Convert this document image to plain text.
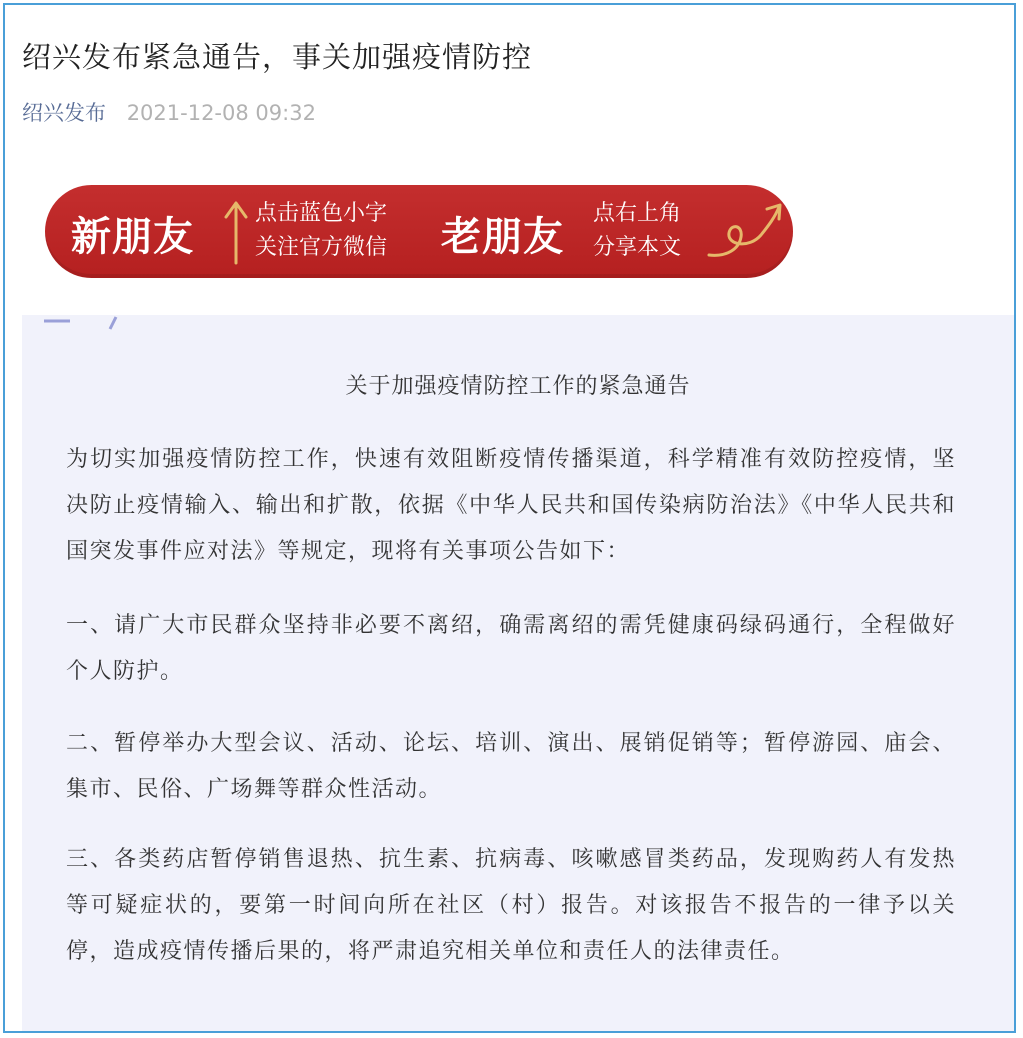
绍兴发布紧急通告，事关加强疫情防控
绍兴发布 2021-12-08 09:32
新朋友
点击蓝色小字
关注官方微信 老朋友
点右上角
分享本文
关于加强疫情防控工作的紧急通告

为切实加强疫情防控工作，快速有效阻断疫情传播渠道，科学精准有效防控疫情，坚决防止疫情输入、输出和扩散，依据《中华人民共和国传染病防治法》《中华人民共和国突发事件应对法》等规定，现将有关事项公告如下：

一、请广大市民群众坚持非必要不离绍，确需离绍的需凭健康码绿码通行，全程做好个人防护。

二、暂停举办大型会议、活动、论坛、培训、演出、展销促销等；暂停游园、庙会、集市、民俗、广场舞等群众性活动。

三、各类药店暂停销售退热、抗生素、抗病毒、咳嗽感冒类药品，发现购药人有发热等可疑症状的，要第一时间向所在社区（村）报告。对该报告不报告的一律予以关停，造成疫情传播后果的，将严肃追究相关单位和责任人的法律责任。
